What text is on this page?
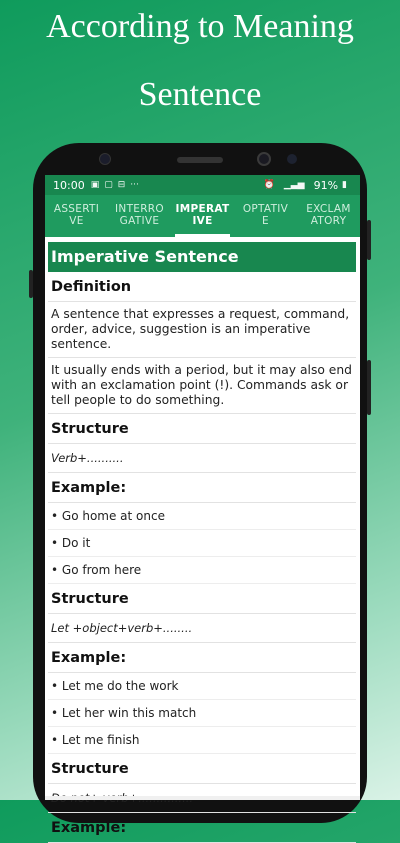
According to Meaning
Sentence
10:00 ▣ ▢ ⊟ ···	⏰ ▁▃▅ 91% ▮
ASSERTI
VE
INTERRO
GATIVE
IMPERAT
IVE
OPTATIV
E
EXCLAM
ATORY
Imperative Sentence
Definition
A sentence that expresses a request, command, order, advice, suggestion is an imperative sentence.
It usually ends with a period, but it may also end with an exclamation point (!). Commands ask or tell people to do something.
Structure
Verb+..........
Example:
• Go home at once
• Do it
• Go from here
Structure
Let +object+verb+........
Example:
• Let me do the work
• Let her win this match
• Let me finish
Structure
Example:
